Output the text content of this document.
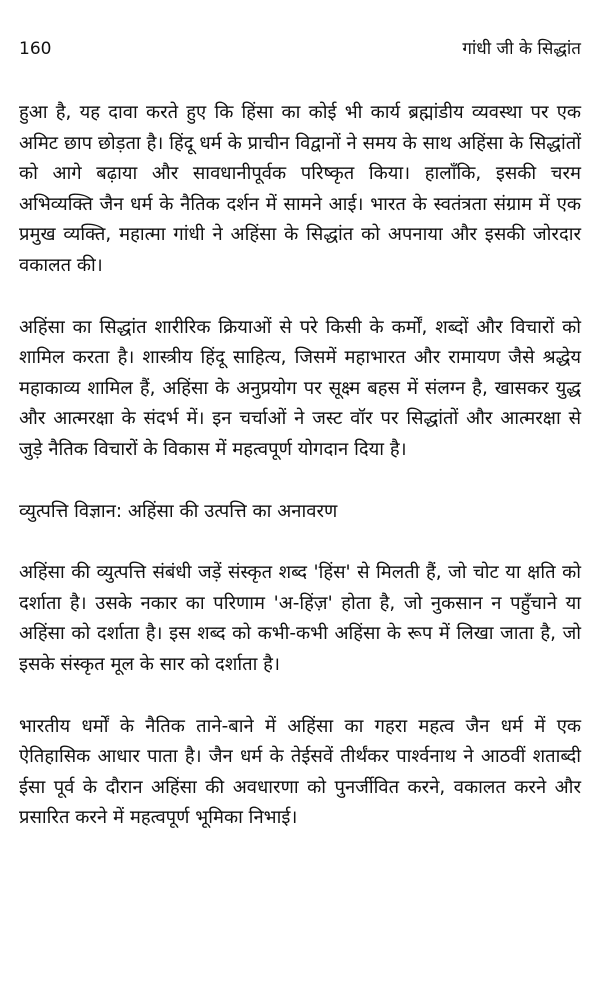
160	गांधी जी के सिद्धांत

हुआ है, यह दावा करते हुए कि हिंसा का कोई भी कार्य ब्रह्मांडीय व्यवस्था पर एक अमिट छाप छोड़ता है। हिंदू धर्म के प्राचीन विद्वानों ने समय के साथ अहिंसा के सिद्धांतों को आगे बढ़ाया और सावधानीपूर्वक परिष्कृत किया। हालाँकि, इसकी चरम अभिव्यक्ति जैन धर्म के नैतिक दर्शन में सामने आई। भारत के स्वतंत्रता संग्राम में एक प्रमुख व्यक्ति, महात्मा गांधी ने अहिंसा के सिद्धांत को अपनाया और इसकी जोरदार वकालत की।

अहिंसा का सिद्धांत शारीरिक क्रियाओं से परे किसी के कर्मों, शब्दों और विचारों को शामिल करता है। शास्त्रीय हिंदू साहित्य, जिसमें महाभारत और रामायण जैसे श्रद्धेय महाकाव्य शामिल हैं, अहिंसा के अनुप्रयोग पर सूक्ष्म बहस में संलग्न है, खासकर युद्ध और आत्मरक्षा के संदर्भ में। इन चर्चाओं ने जस्ट वॉर पर सिद्धांतों और आत्मरक्षा से जुड़े नैतिक विचारों के विकास में महत्वपूर्ण योगदान दिया है।

व्युत्पत्ति विज्ञान: अहिंसा की उत्पत्ति का अनावरण

अहिंसा की व्युत्पत्ति संबंधी जड़ें संस्कृत शब्द 'हिंस' से मिलती हैं, जो चोट या क्षति को दर्शाता है। उसके नकार का परिणाम 'अ-हिंज़' होता है, जो नुकसान न पहुँचाने या अहिंसा को दर्शाता है। इस शब्द को कभी-कभी अहिंसा के रूप में लिखा जाता है, जो इसके संस्कृत मूल के सार को दर्शाता है।

भारतीय धर्मों के नैतिक ताने-बाने में अहिंसा का गहरा महत्व जैन धर्म में एक ऐतिहासिक आधार पाता है। जैन धर्म के तेईसवें तीर्थंकर पार्श्वनाथ ने आठवीं शताब्दी ईसा पूर्व के दौरान अहिंसा की अवधारणा को पुनर्जीवित करने, वकालत करने और प्रसारित करने में महत्वपूर्ण भूमिका निभाई।
